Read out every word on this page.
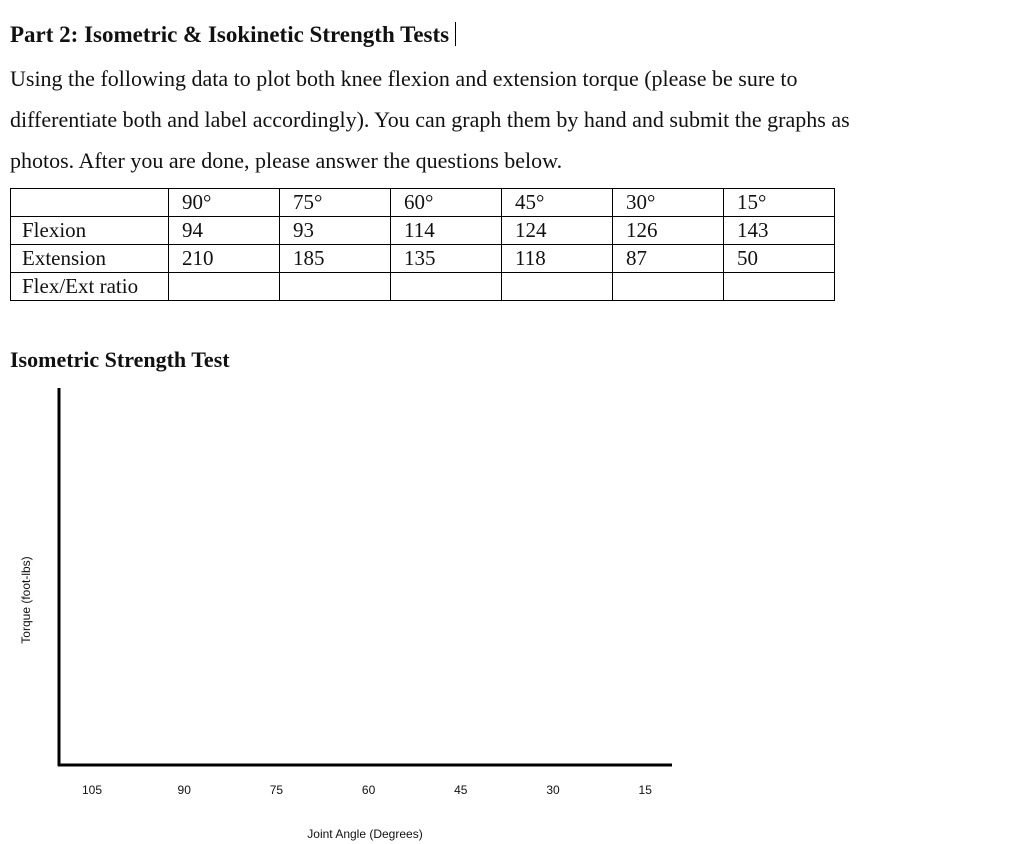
Part 2: Isometric & Isokinetic Strength Tests
Using the following data to plot both knee flexion and extension torque (please be sure to
differentiate both and label accordingly). You can graph them by hand and submit the graphs as
photos. After you are done, please answer the questions below.
	90°	75°	60°	45°	30°	15°
Flexion	94	93	114	124	126	143
Extension	210	185	135	118	87	50
Flex/Ext ratio						
Isometric Strength Test
105	90	75	60	45	30	15
Joint Angle (Degrees)
Torque (foot-lbs)
